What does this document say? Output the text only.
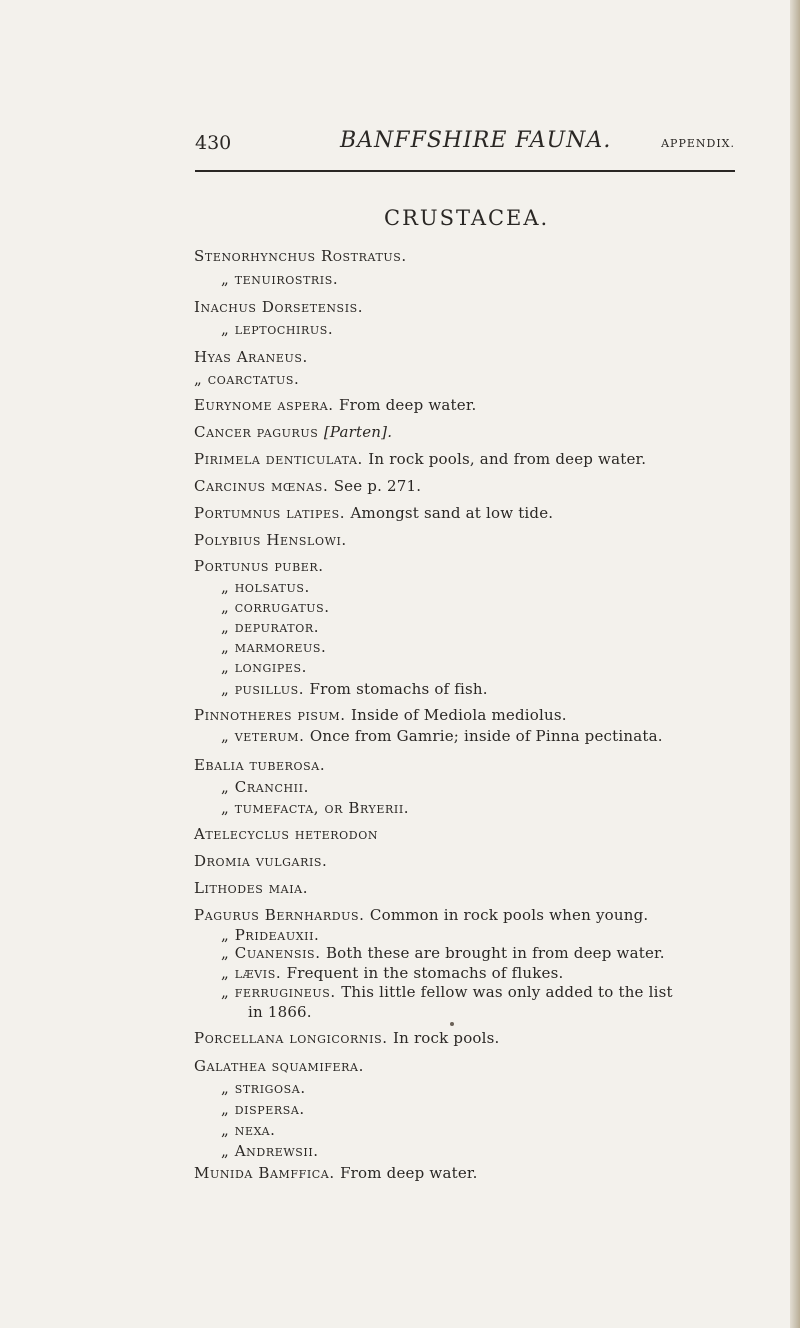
430	BANFFSHIRE FAUNA.	APPENDIX.
CRUSTACEA.
Stenorhynchus Rostratus.
„ tenuirostris.
Inachus Dorsetensis.
„ leptochirus.
Hyas Araneus.
„ coarctatus.
Eurynome aspera. From deep water.
Cancer pagurus [Parten].
Pirimela denticulata. In rock pools, and from deep water.
Carcinus mœnas. See p. 271.
Portumnus latipes. Amongst sand at low tide.
Polybius Henslowi.
Portunus puber.
„ holsatus.
„ corrugatus.
„ depurator.
„ marmoreus.
„ longipes.
„ pusillus. From stomachs of fish.
Pinnotheres pisum. Inside of Mediola mediolus.
„ veterum. Once from Gamrie; inside of Pinna pectinata.
Ebalia tuberosa.
„ Cranchii.
„ tumefacta, or Bryerii.
Atelecyclus heterodon
Dromia vulgaris.
Lithodes maia.
Pagurus Bernhardus. Common in rock pools when young.
„ Prideauxii.
„ Cuanensis. Both these are brought in from deep water.
„ lævis. Frequent in the stomachs of flukes.
„ ferrugineus. This little fellow was only added to the list
in 1866.
Porcellana longicornis. In rock pools.
Galathea squamifera.
„ strigosa.
„ dispersa.
„ nexa.
„ Andrewsii.
Munida Bamffica. From deep water.
